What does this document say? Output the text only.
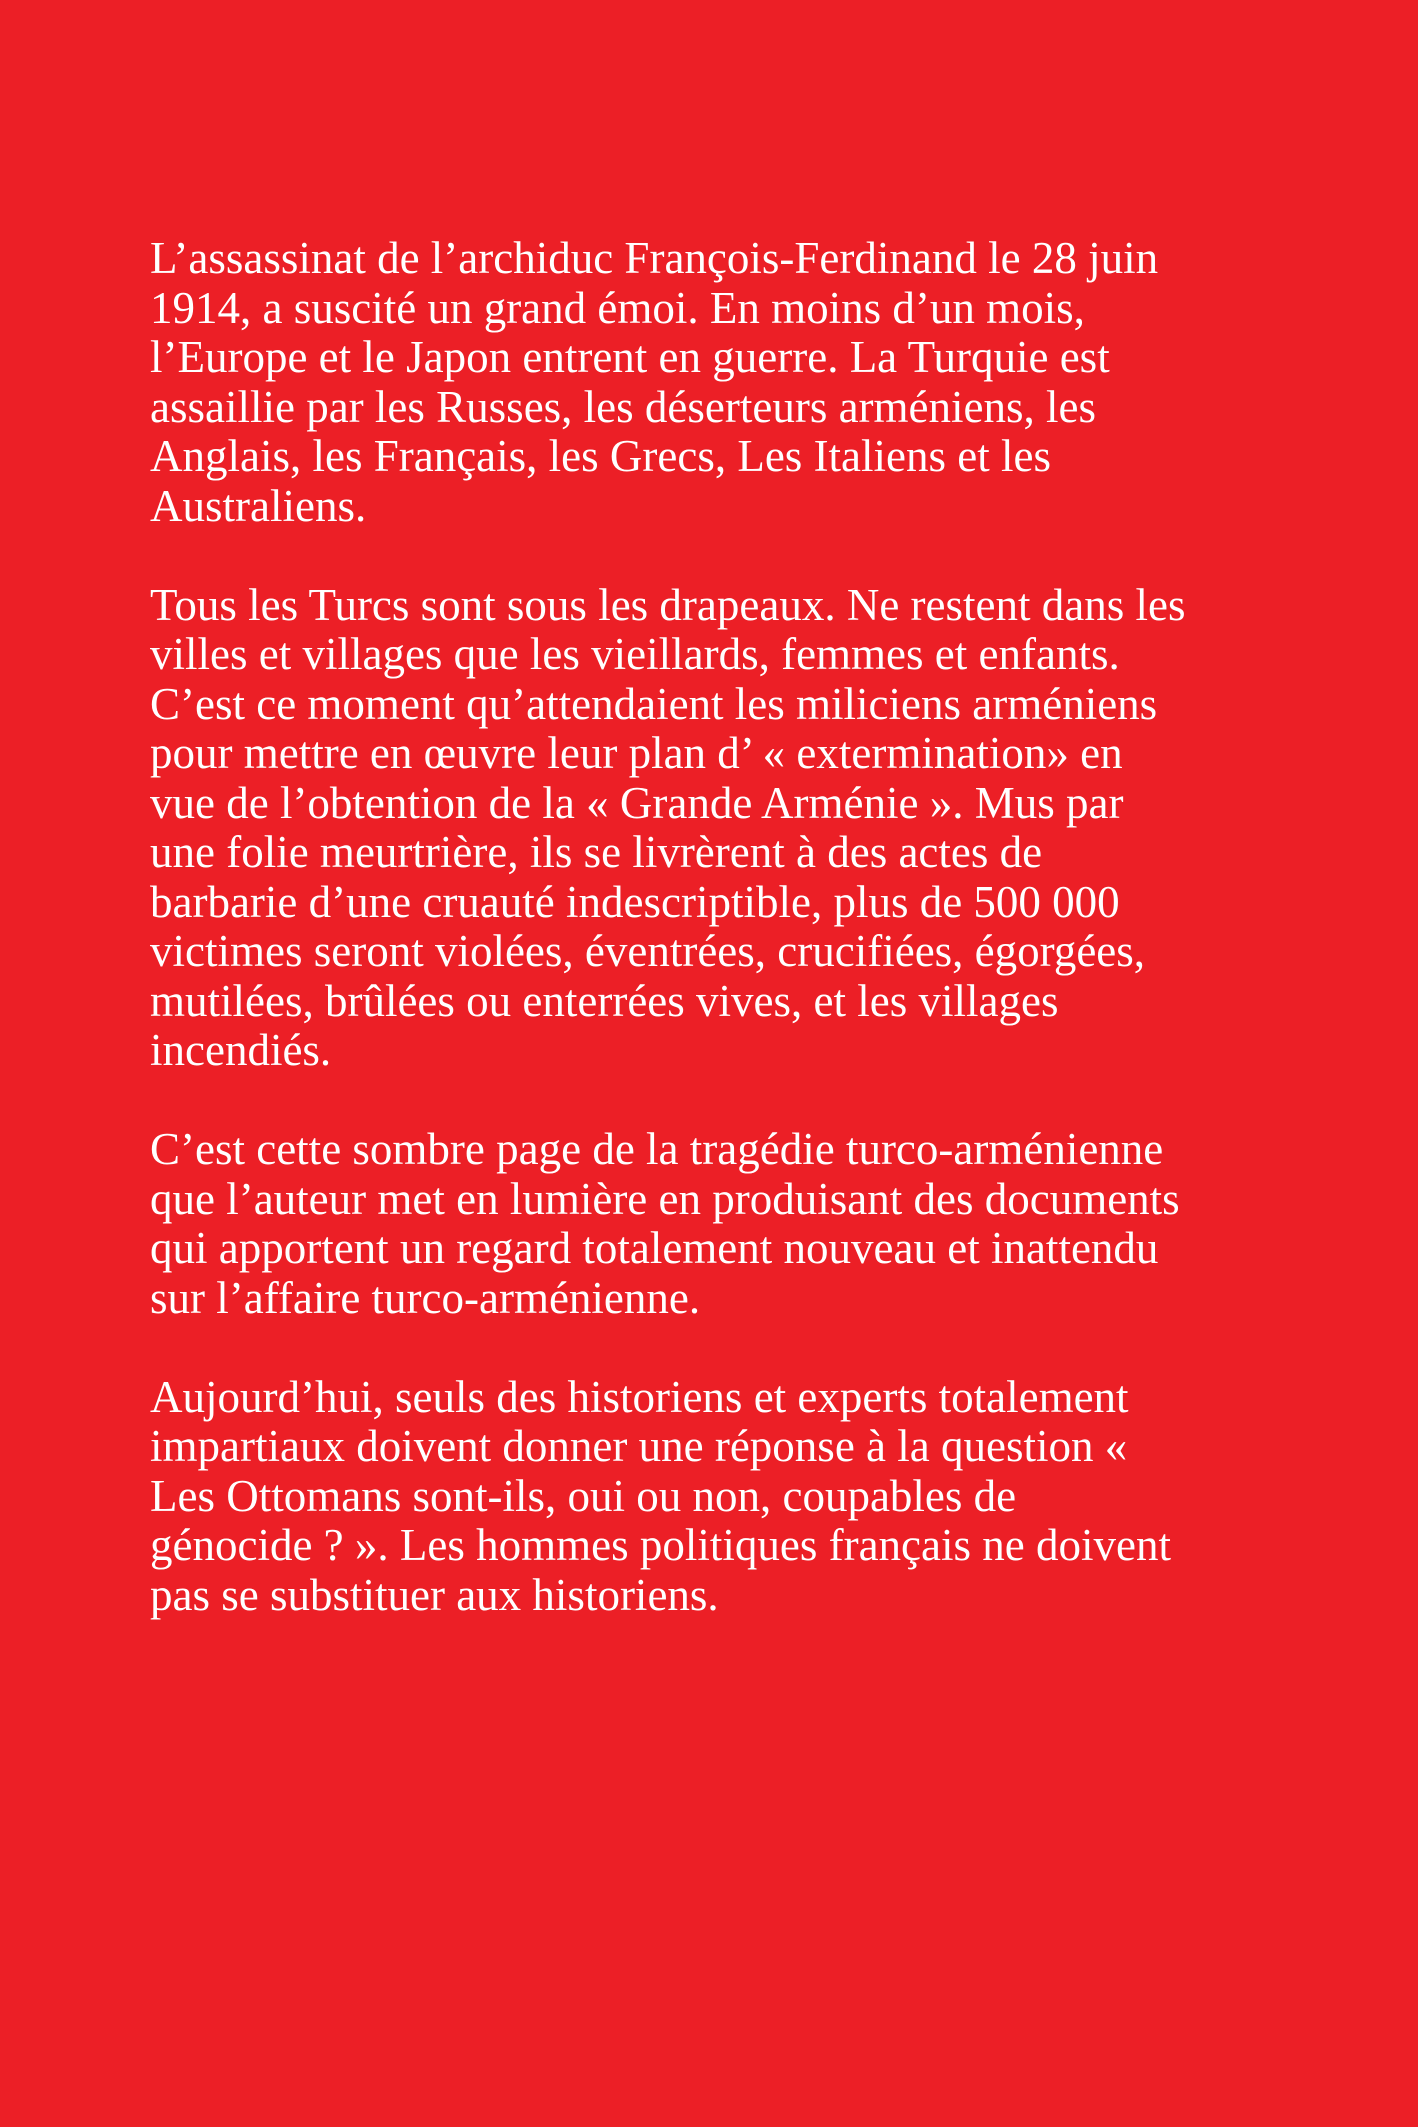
L’assassinat de l’archiduc François-Ferdinand le 28 juin
1914, a suscité un grand émoi. En moins d’un mois,
l’Europe et le Japon entrent en guerre. La Turquie est
assaillie par les Russes, les déserteurs arméniens, les
Anglais, les Français, les Grecs, Les Italiens et les
Australiens.

Tous les Turcs sont sous les drapeaux. Ne restent dans les
villes et villages que les vieillards, femmes et enfants.
C’est ce moment qu’attendaient les miliciens arméniens
pour mettre en œuvre leur plan d’ « extermination» en
vue de l’obtention de la « Grande Arménie ». Mus par
une folie meurtrière, ils se livrèrent à des actes de
barbarie d’une cruauté indescriptible, plus de 500 000
victimes seront violées, éventrées, crucifiées, égorgées,
mutilées, brûlées ou enterrées vives, et les villages
incendiés.

C’est cette sombre page de la tragédie turco-arménienne
que l’auteur met en lumière en produisant des documents
qui apportent un regard totalement nouveau et inattendu
sur l’affaire turco-arménienne.

Aujourd’hui, seuls des historiens et experts totalement
impartiaux doivent donner une réponse à la question «
Les Ottomans sont-ils, oui ou non, coupables de
génocide ? ». Les hommes politiques français ne doivent
pas se substituer aux historiens.
